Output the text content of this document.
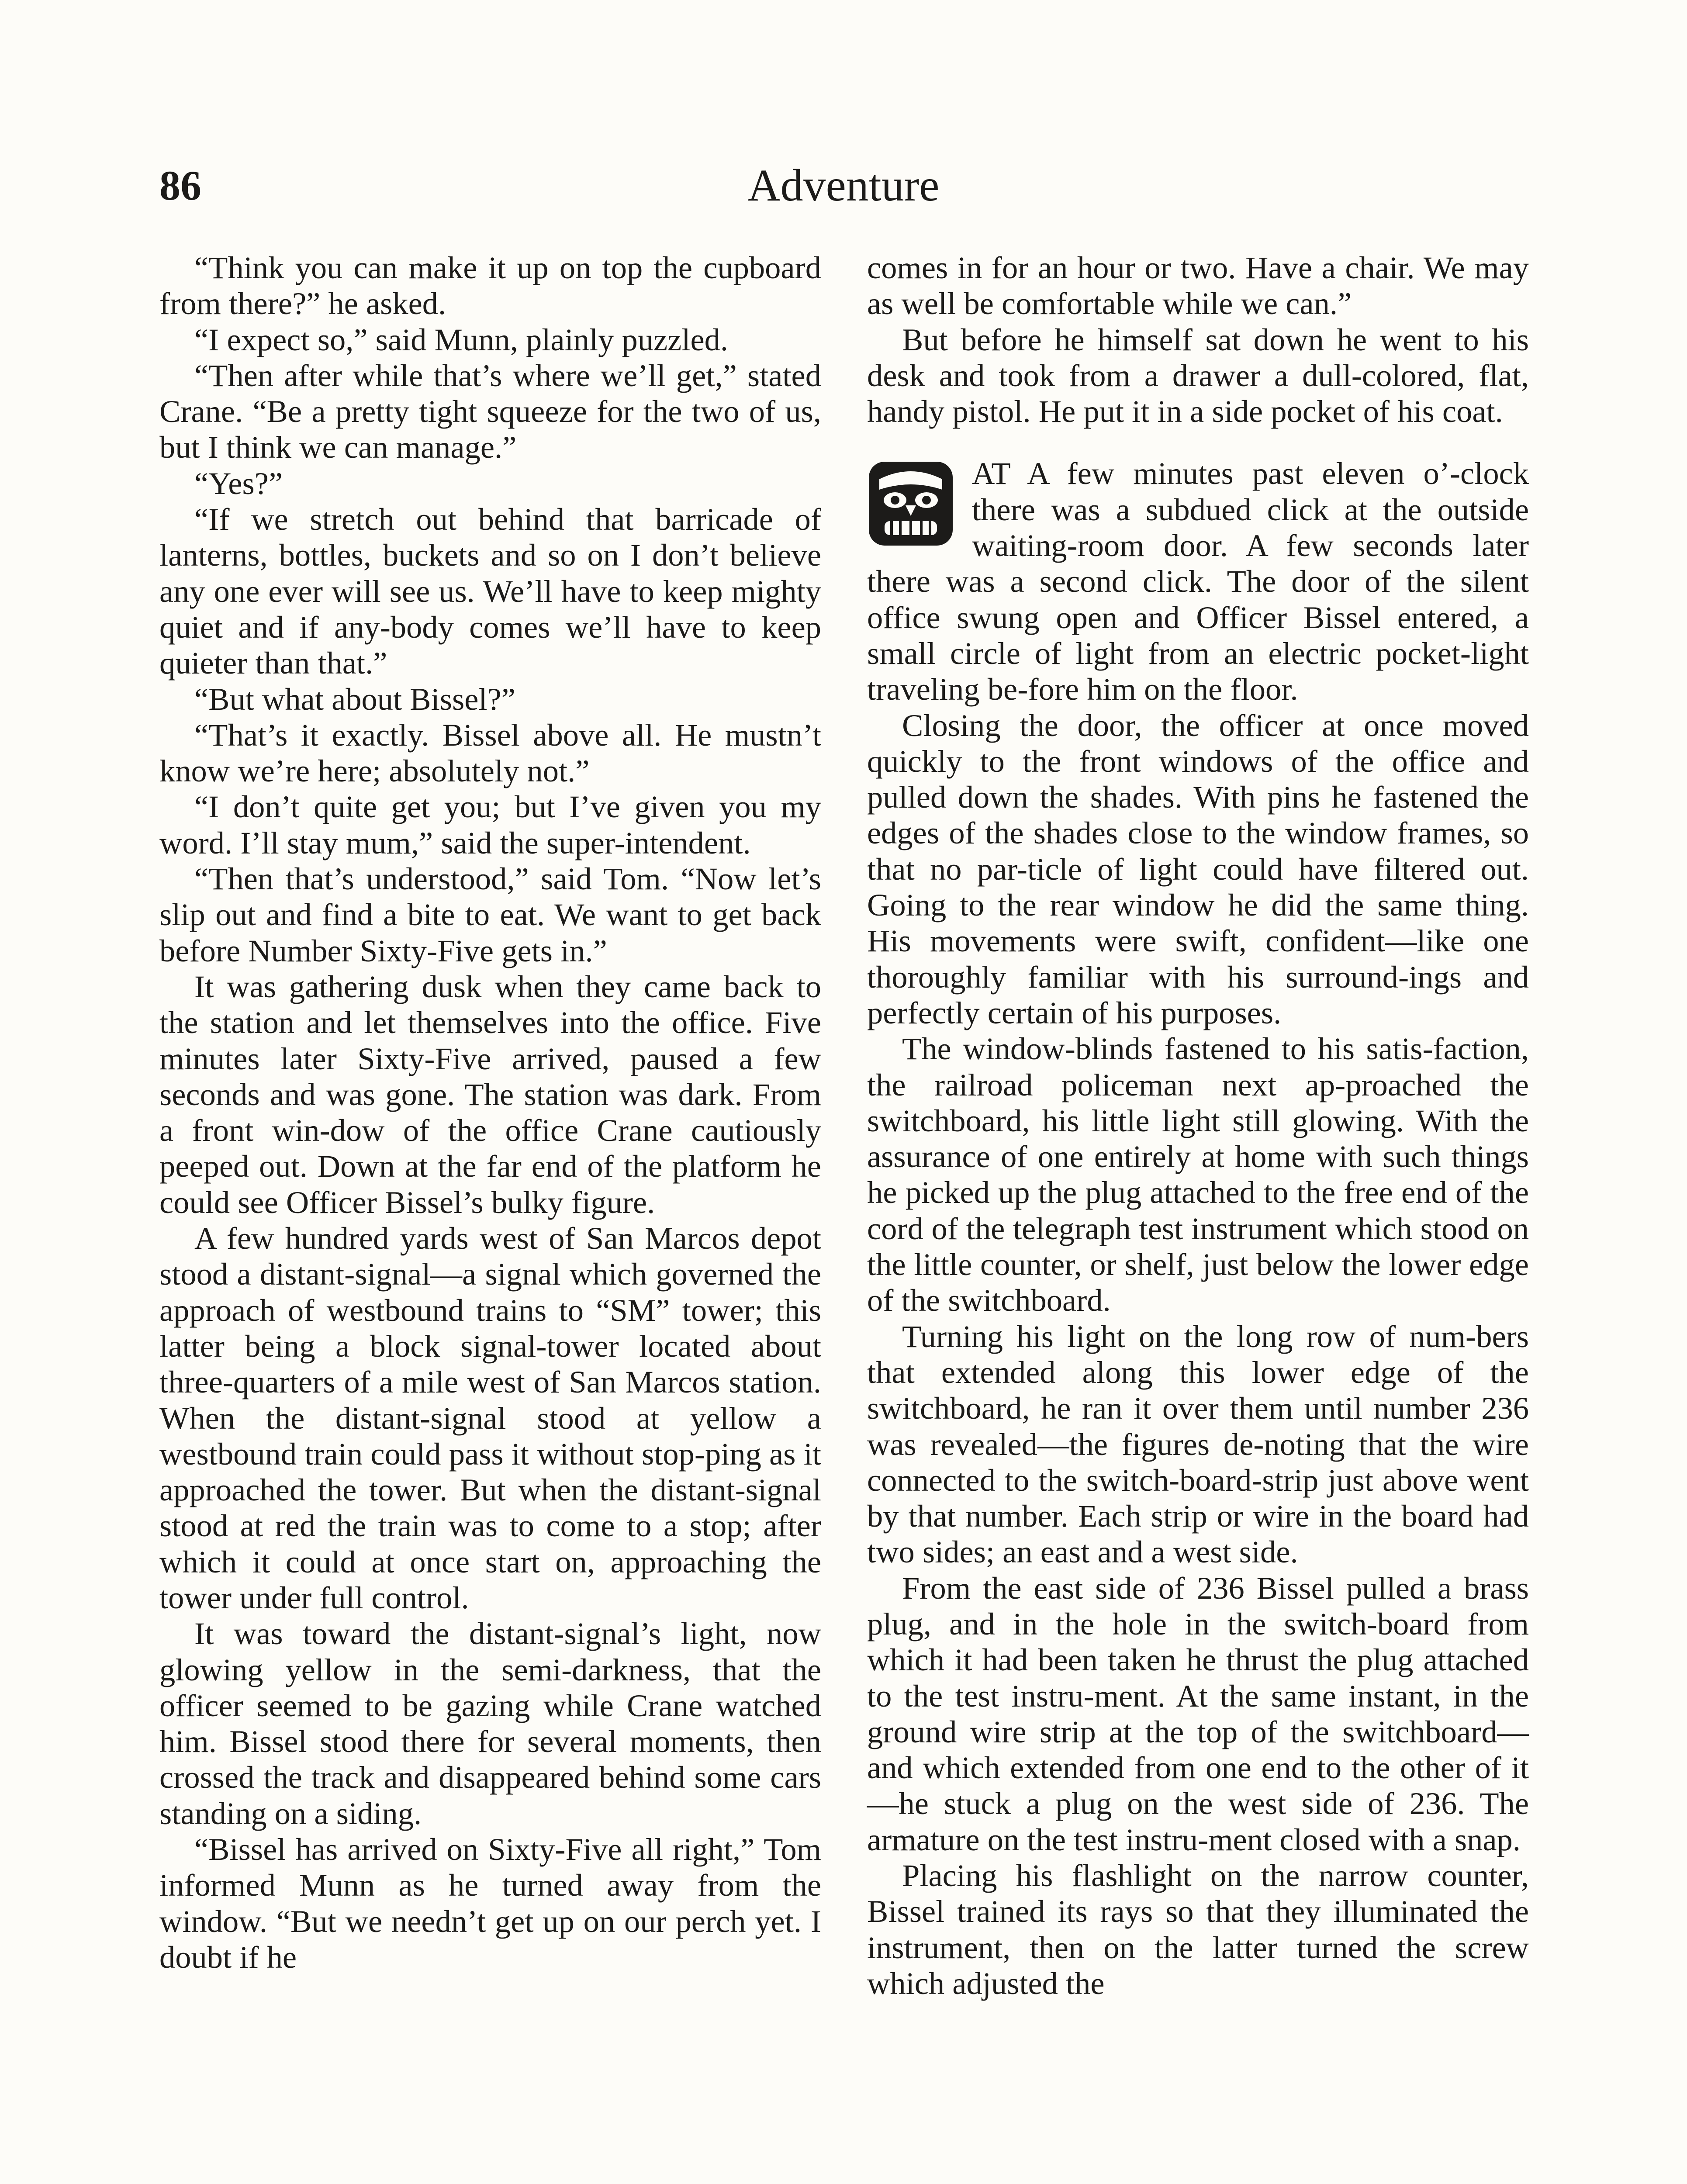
86	Adventure

“Think you can make it up on top the cupboard from there?” he asked.

“I expect so,” said Munn, plainly puzzled.

“Then after while that’s where we’ll get,” stated Crane. “Be a pretty tight squeeze for the two of us, but I think we can manage.”

“Yes?”

“If we stretch out behind that barricade of lanterns, bottles, buckets and so on I don’t believe any one ever will see us. We’ll have to keep mighty quiet and if any-body comes we’ll have to keep quieter than that.”

“But what about Bissel?”

“That’s it exactly. Bissel above all. He mustn’t know we’re here; absolutely not.”

“I don’t quite get you; but I’ve given you my word. I’ll stay mum,” said the super-intendent.

“Then that’s understood,” said Tom. “Now let’s slip out and find a bite to eat. We want to get back before Number Sixty-Five gets in.”

It was gathering dusk when they came back to the station and let themselves into the office. Five minutes later Sixty-Five arrived, paused a few seconds and was gone. The station was dark. From a front win-dow of the office Crane cautiously peeped out. Down at the far end of the platform he could see Officer Bissel’s bulky figure.

A few hundred yards west of San Marcos depot stood a distant-signal—a signal which governed the approach of westbound trains to “SM” tower; this latter being a block signal-tower located about three-quarters of a mile west of San Marcos station. When the distant-signal stood at yellow a westbound train could pass it without stop-ping as it approached the tower. But when the distant-signal stood at red the train was to come to a stop; after which it could at once start on, approaching the tower under full control.

It was toward the distant-signal’s light, now glowing yellow in the semi-darkness, that the officer seemed to be gazing while Crane watched him. Bissel stood there for several moments, then crossed the track and disappeared behind some cars standing on a siding.

“Bissel has arrived on Sixty-Five all right,” Tom informed Munn as he turned away from the window. “But we needn’t get up on our perch yet. I doubt if he

comes in for an hour or two. Have a chair. We may as well be comfortable while we can.”

But before he himself sat down he went to his desk and took from a drawer a dull-colored, flat, handy pistol. He put it in a side pocket of his coat.

AT A few minutes past eleven o’-clock there was a subdued click at the outside waiting-room door. A few seconds later there was a second click. The door of the silent office swung open and Officer Bissel entered, a small circle of light from an electric pocket-light traveling be-fore him on the floor.

Closing the door, the officer at once moved quickly to the front windows of the office and pulled down the shades. With pins he fastened the edges of the shades close to the window frames, so that no par-ticle of light could have filtered out. Going to the rear window he did the same thing. His movements were swift, confident—like one thoroughly familiar with his surround-ings and perfectly certain of his purposes.

The window-blinds fastened to his satis-faction, the railroad policeman next ap-proached the switchboard, his little light still glowing. With the assurance of one entirely at home with such things he picked up the plug attached to the free end of the cord of the telegraph test instrument which stood on the little counter, or shelf, just below the lower edge of the switchboard.

Turning his light on the long row of num-bers that extended along this lower edge of the switchboard, he ran it over them until number 236 was revealed—the figures de-noting that the wire connected to the switch-board-strip just above went by that number. Each strip or wire in the board had two sides; an east and a west side.

From the east side of 236 Bissel pulled a brass plug, and in the hole in the switch-board from which it had been taken he thrust the plug attached to the test instru-ment. At the same instant, in the ground wire strip at the top of the switchboard—and which extended from one end to the other of it—he stuck a plug on the west side of 236. The armature on the test instru-ment closed with a snap.

Placing his flashlight on the narrow counter, Bissel trained its rays so that they illuminated the instrument, then on the latter turned the screw which adjusted the
